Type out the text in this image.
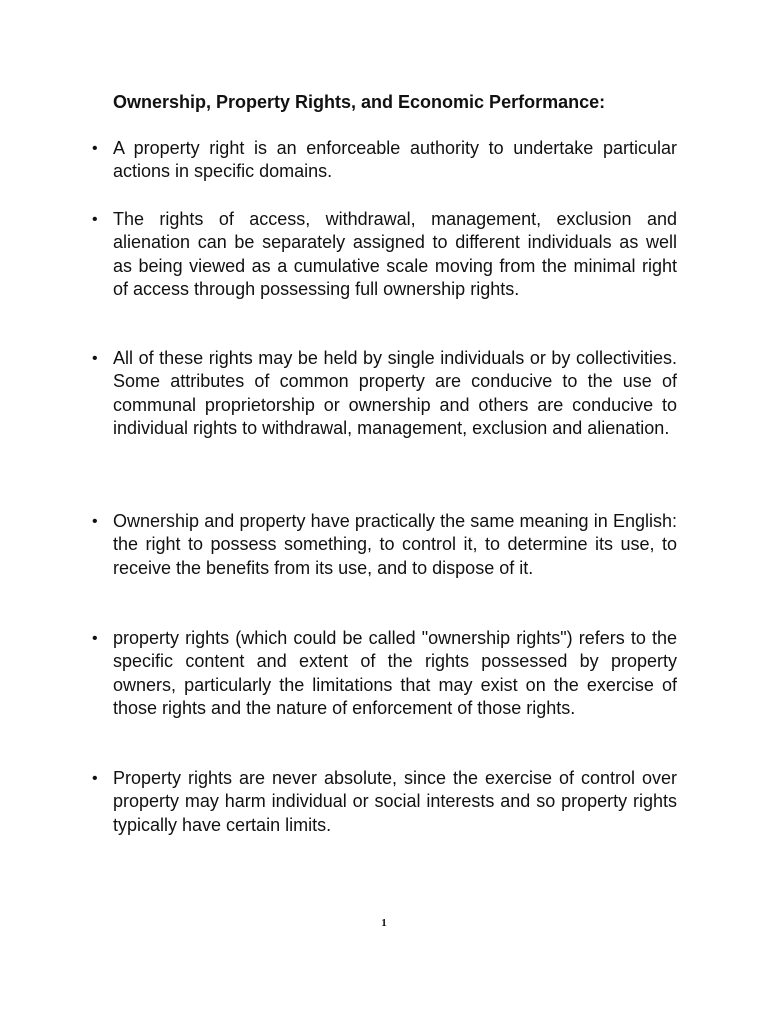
Ownership, Property Rights, and Economic Performance:
• A property right is an enforceable authority to undertake particular actions in specific domains.
• The rights of access, withdrawal, management, exclusion and alienation can be separately assigned to different individuals as well as being viewed as a cumulative scale moving from the minimal right of access through possessing full ownership rights.
• All of these rights may be held by single individuals or by collectivities. Some attributes of common property are conducive to the use of communal proprietorship or ownership and others are conducive to individual rights to withdrawal, management, exclusion and alienation.
• Ownership and property have practically the same meaning in English: the right to possess something, to control it, to determine its use, to receive the benefits from its use, and to dispose of it.
• property rights (which could be called "ownership rights") refers to the specific content and extent of the rights possessed by property owners, particularly the limitations that may exist on the exercise of those rights and the nature of enforcement of those rights.
• Property rights are never absolute, since the exercise of control over property may harm individual or social interests and so property rights typically have certain limits.
1
